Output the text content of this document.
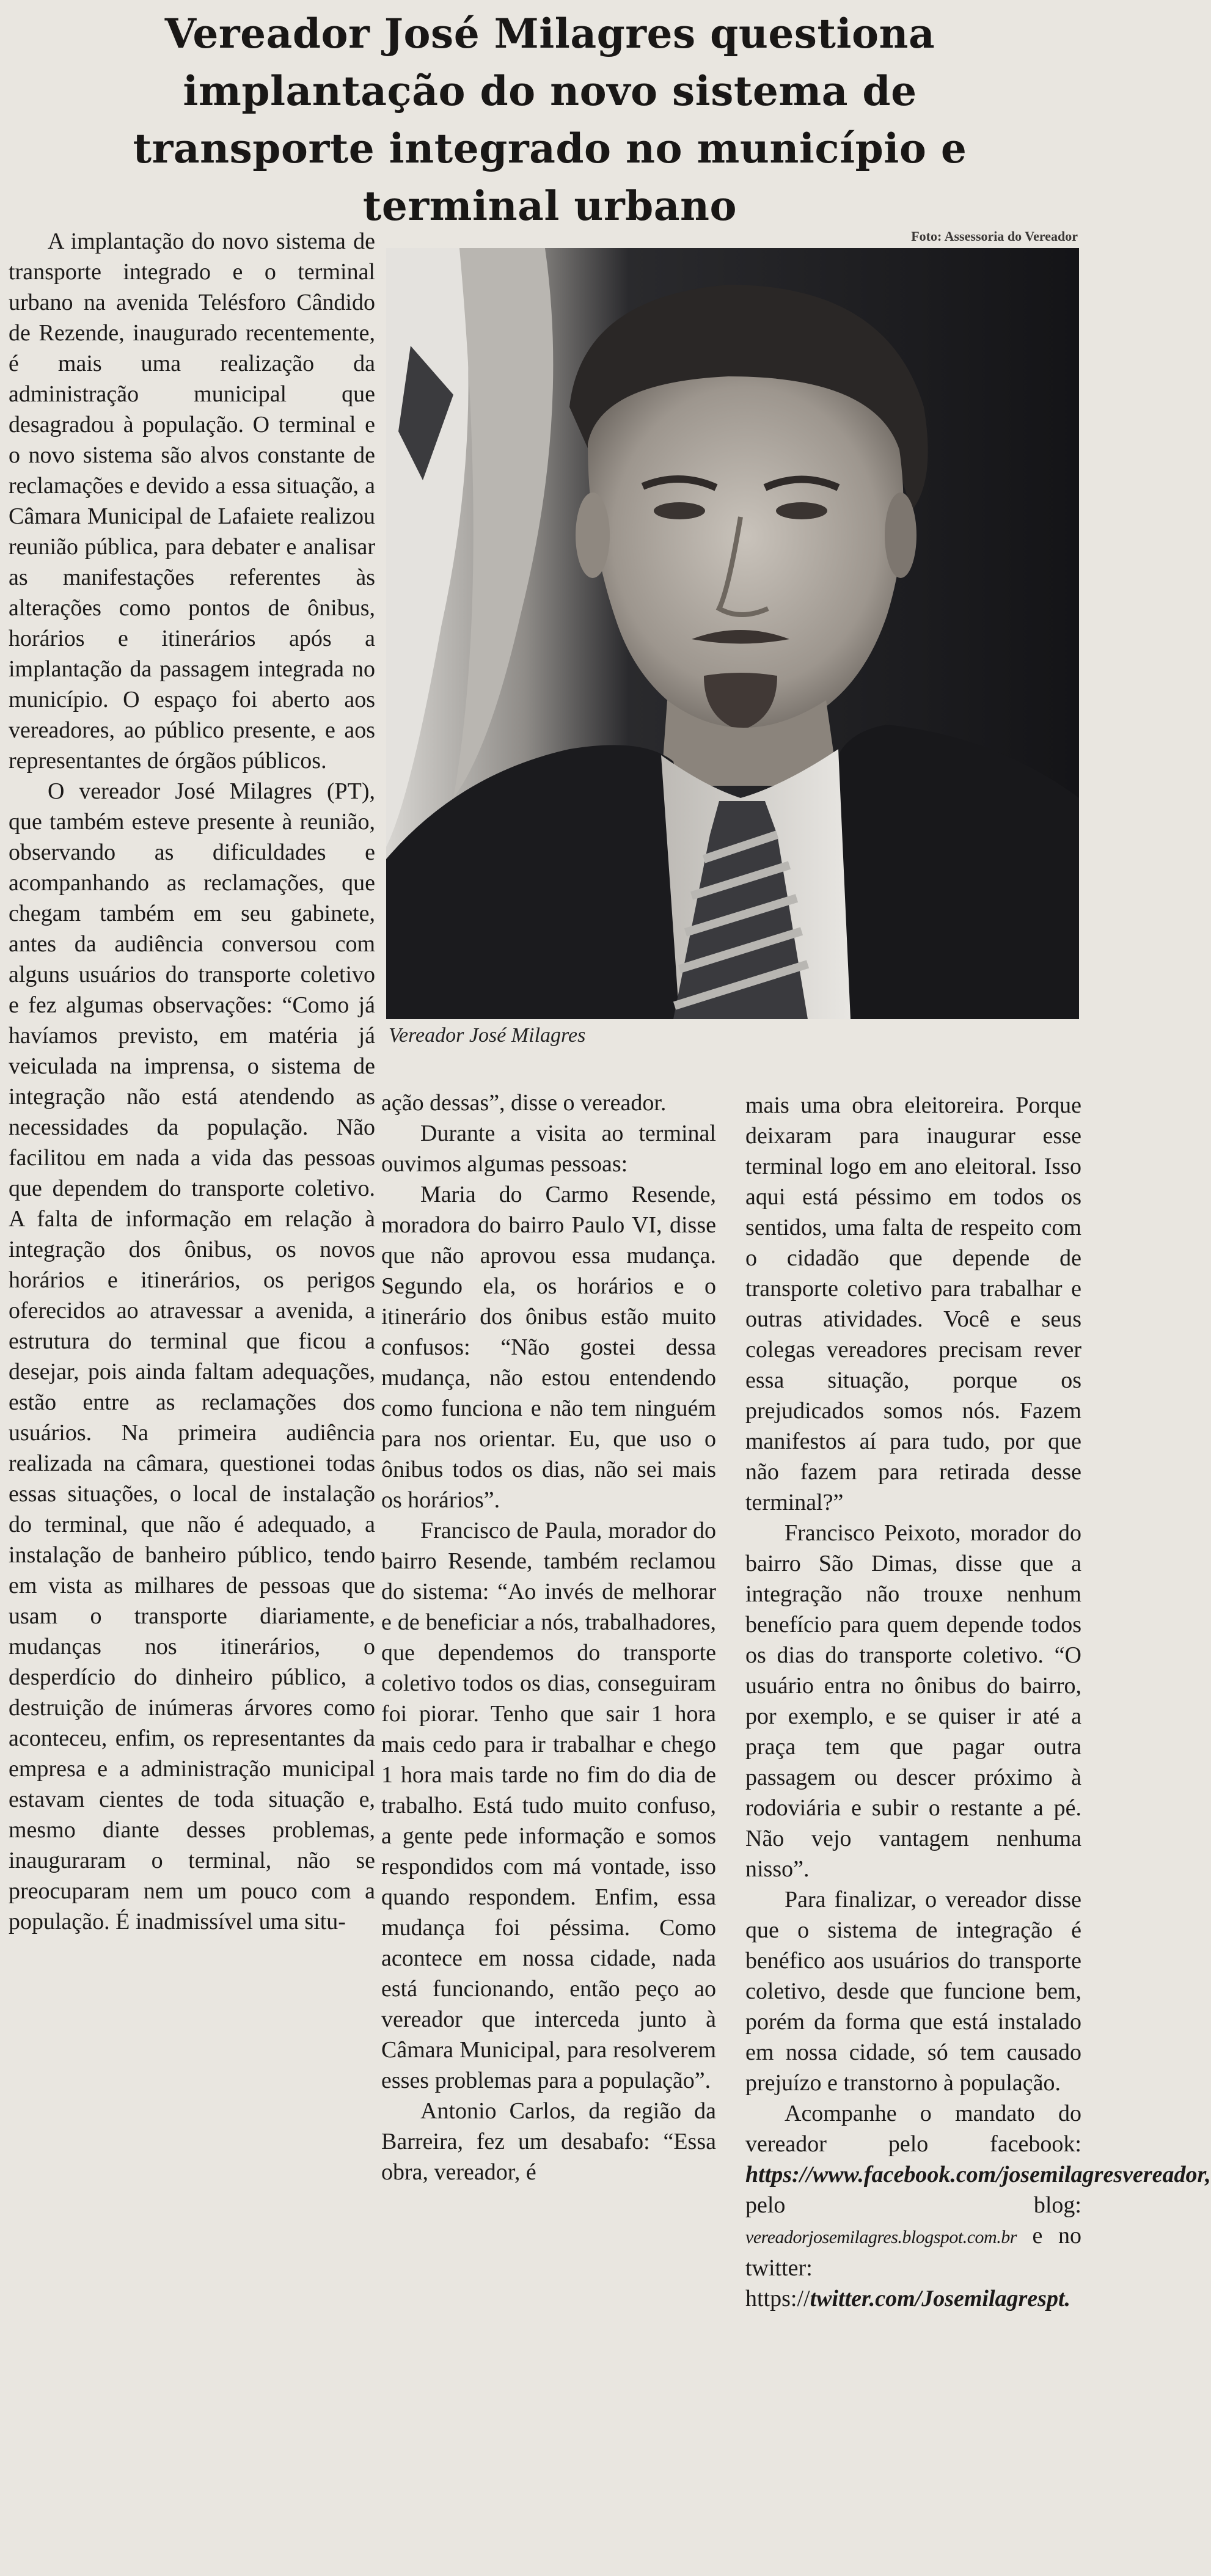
Vereador José Milagres questiona implantação do novo sistema de transporte integrado no município e terminal urbano
Foto: Assessoria do Vereador
Vereador José Milagres

A implantação do novo sistema de transporte integrado e o terminal urbano na avenida Telésforo Cândido de Rezende, inaugurado recentemente, é mais uma realização da administração municipal que desagradou à população. O terminal e o novo sistema são alvos constante de reclamações e devido a essa situação, a Câmara Municipal de Lafaiete realizou reunião pública, para debater e analisar as manifestações referentes às alterações como pontos de ônibus, horários e itinerários após a implantação da passagem integrada no município. O espaço foi aberto aos vereadores, ao público presente, e aos representantes de órgãos públicos.

O vereador José Milagres (PT), que também esteve presente à reunião, observando as dificuldades e acompanhando as reclamações, que chegam também em seu gabinete, antes da audiência conversou com alguns usuários do transporte coletivo e fez algumas observações: “Como já havíamos previsto, em matéria já veiculada na imprensa, o sistema de integração não está atendendo as necessidades da população. Não facilitou em nada a vida das pessoas que dependem do transporte coletivo. A falta de informação em relação à integração dos ônibus, os novos horários e itinerários, os perigos oferecidos ao atravessar a avenida, a estrutura do terminal que ficou a desejar, pois ainda faltam adequações, estão entre as reclamações dos usuários. Na primeira audiência realizada na câmara, questionei todas essas situações, o local de instalação do terminal, que não é adequado, a instalação de banheiro público, tendo em vista as milhares de pessoas que usam o transporte diariamente, mudanças nos itinerários, o desperdício do dinheiro público, a destruição de inúmeras árvores como aconteceu, enfim, os representantes da empresa e a administração municipal estavam cientes de toda situação e, mesmo diante desses problemas, inauguraram o terminal, não se preocuparam nem um pouco com a população. É inadmissível uma situ-

ação dessas”, disse o vereador.

Durante a visita ao terminal ouvimos algumas pessoas:

Maria do Carmo Resende, moradora do bairro Paulo VI, disse que não aprovou essa mudança. Segundo ela, os horários e o itinerário dos ônibus estão muito confusos: “Não gostei dessa mudança, não estou entendendo como funciona e não tem ninguém para nos orientar. Eu, que uso o ônibus todos os dias, não sei mais os horários”.

Francisco de Paula, morador do bairro Resende, também reclamou do sistema: “Ao invés de melhorar e de beneficiar a nós, trabalhadores, que dependemos do transporte coletivo todos os dias, conseguiram foi piorar. Tenho que sair 1 hora mais cedo para ir trabalhar e chego 1 hora mais tarde no fim do dia de trabalho. Está tudo muito confuso, a gente pede informação e somos respondidos com má vontade, isso quando respondem. Enfim, essa mudança foi péssima. Como acontece em nossa cidade, nada está funcionando, então peço ao vereador que interceda junto à Câmara Municipal, para resolverem esses problemas para a população”.

Antonio Carlos, da região da Barreira, fez um desabafo: “Essa obra, vereador, é

mais uma obra eleitoreira. Porque deixaram para inaugurar esse terminal logo em ano eleitoral. Isso aqui está péssimo em todos os sentidos, uma falta de respeito com o cidadão que depende de transporte coletivo para trabalhar e outras atividades. Você e seus colegas vereadores precisam rever essa situação, porque os prejudicados somos nós. Fazem manifestos aí para tudo, por que não fazem para retirada desse terminal?”

Francisco Peixoto, morador do bairro São Dimas, disse que a integração não trouxe nenhum benefício para quem depende todos os dias do transporte coletivo. “O usuário entra no ônibus do bairro, por exemplo, e se quiser ir até a praça tem que pagar outra passagem ou descer próximo à rodoviária e subir o restante a pé. Não vejo vantagem nenhuma nisso”.

Para finalizar, o vereador disse que o sistema de integração é benéfico aos usuários do transporte coletivo, desde que funcione bem, porém da forma que está instalado em nossa cidade, só tem causado prejuízo e transtorno à população.

Acompanhe o mandato do vereador pelo facebook: https://www.facebook.com/josemilagresvereador, pelo blog: vereadorjosemilagres.blogspot.com.br e no twitter: https://twitter.com/Josemilagrespt.
